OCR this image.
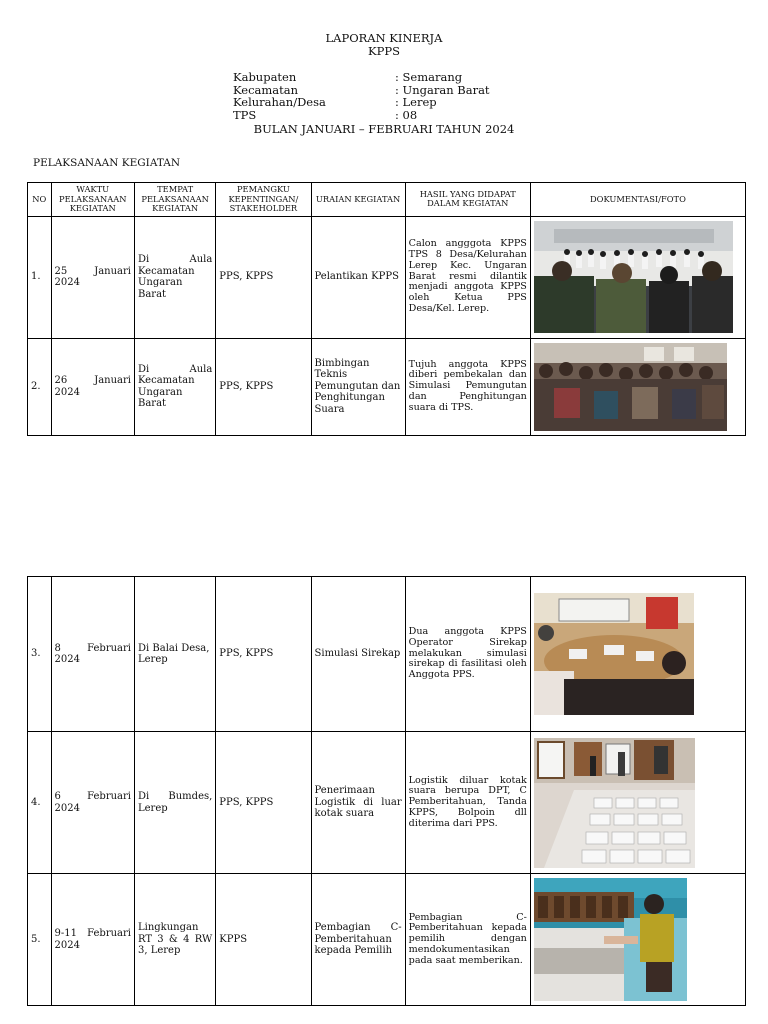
LAPORAN KINERJA
KPPS
Kabupaten	: Semarang
Kecamatan	: Ungaran Barat
Kelurahan/Desa	: Lerep
TPS	: 08
BULAN JANUARI – FEBRUARI TAHUN 2024
PELAKSANAAN KEGIATAN
NO	WAKTU PELAKSANAAN KEGIATAN	TEMPAT PELAKSANAAN KEGIATAN	PEMANGKU KEPENTINGAN/ STAKEHOLDER	URAIAN KEGIATAN	HASIL YANG DIDAPAT DALAM KEGIATAN	DOKUMENTASI/FOTO
1.	25 Januari
2024	Di Aula Kecamatan Ungaran Barat	PPS, KPPS	Pelantikan KPPS	Calon angggota KPPS TPS 8 Desa/Kelurahan Lerep Kec. Ungaran Barat resmi dilantik menjadi anggota KPPS oleh Ketua PPS Desa/Kel. Lerep.	

2.	26 Januari
2024	Di Aula Kecamatan Ungaran Barat	PPS, KPPS	Bimbingan Teknis Pemungutan dan Penghitungan Suara	Tujuh anggota KPPS diberi pembekalan dan Simulasi Pemungutan dan Penghitungan suara di TPS.	
3.	8 Februari
2024	Di Balai Desa, Lerep	PPS, KPPS	Simulasi Sirekap	Dua anggota KPPS Operator Sirekap melakukan simulasi sirekap di fasilitasi oleh Anggota PPS.	

4.	6 Februari
2024	Di Bumdes, Lerep	PPS, KPPS	Penerimaan Logistik di luar kotak suara	Logistik diluar kotak suara berupa DPT, C Pemberitahuan, Tanda KPPS, Bolpoin dll diterima dari PPS.	

5.	9-11 Februari
2024	Lingkungan RT 3 & 4 RW 3, Lerep	KPPS	Pembagian C-Pemberitahuan kepada Pemilih	Pembagian C-Pemberitahuan kepada pemilih dengan mendokumentasikan pada saat memberikan.	
